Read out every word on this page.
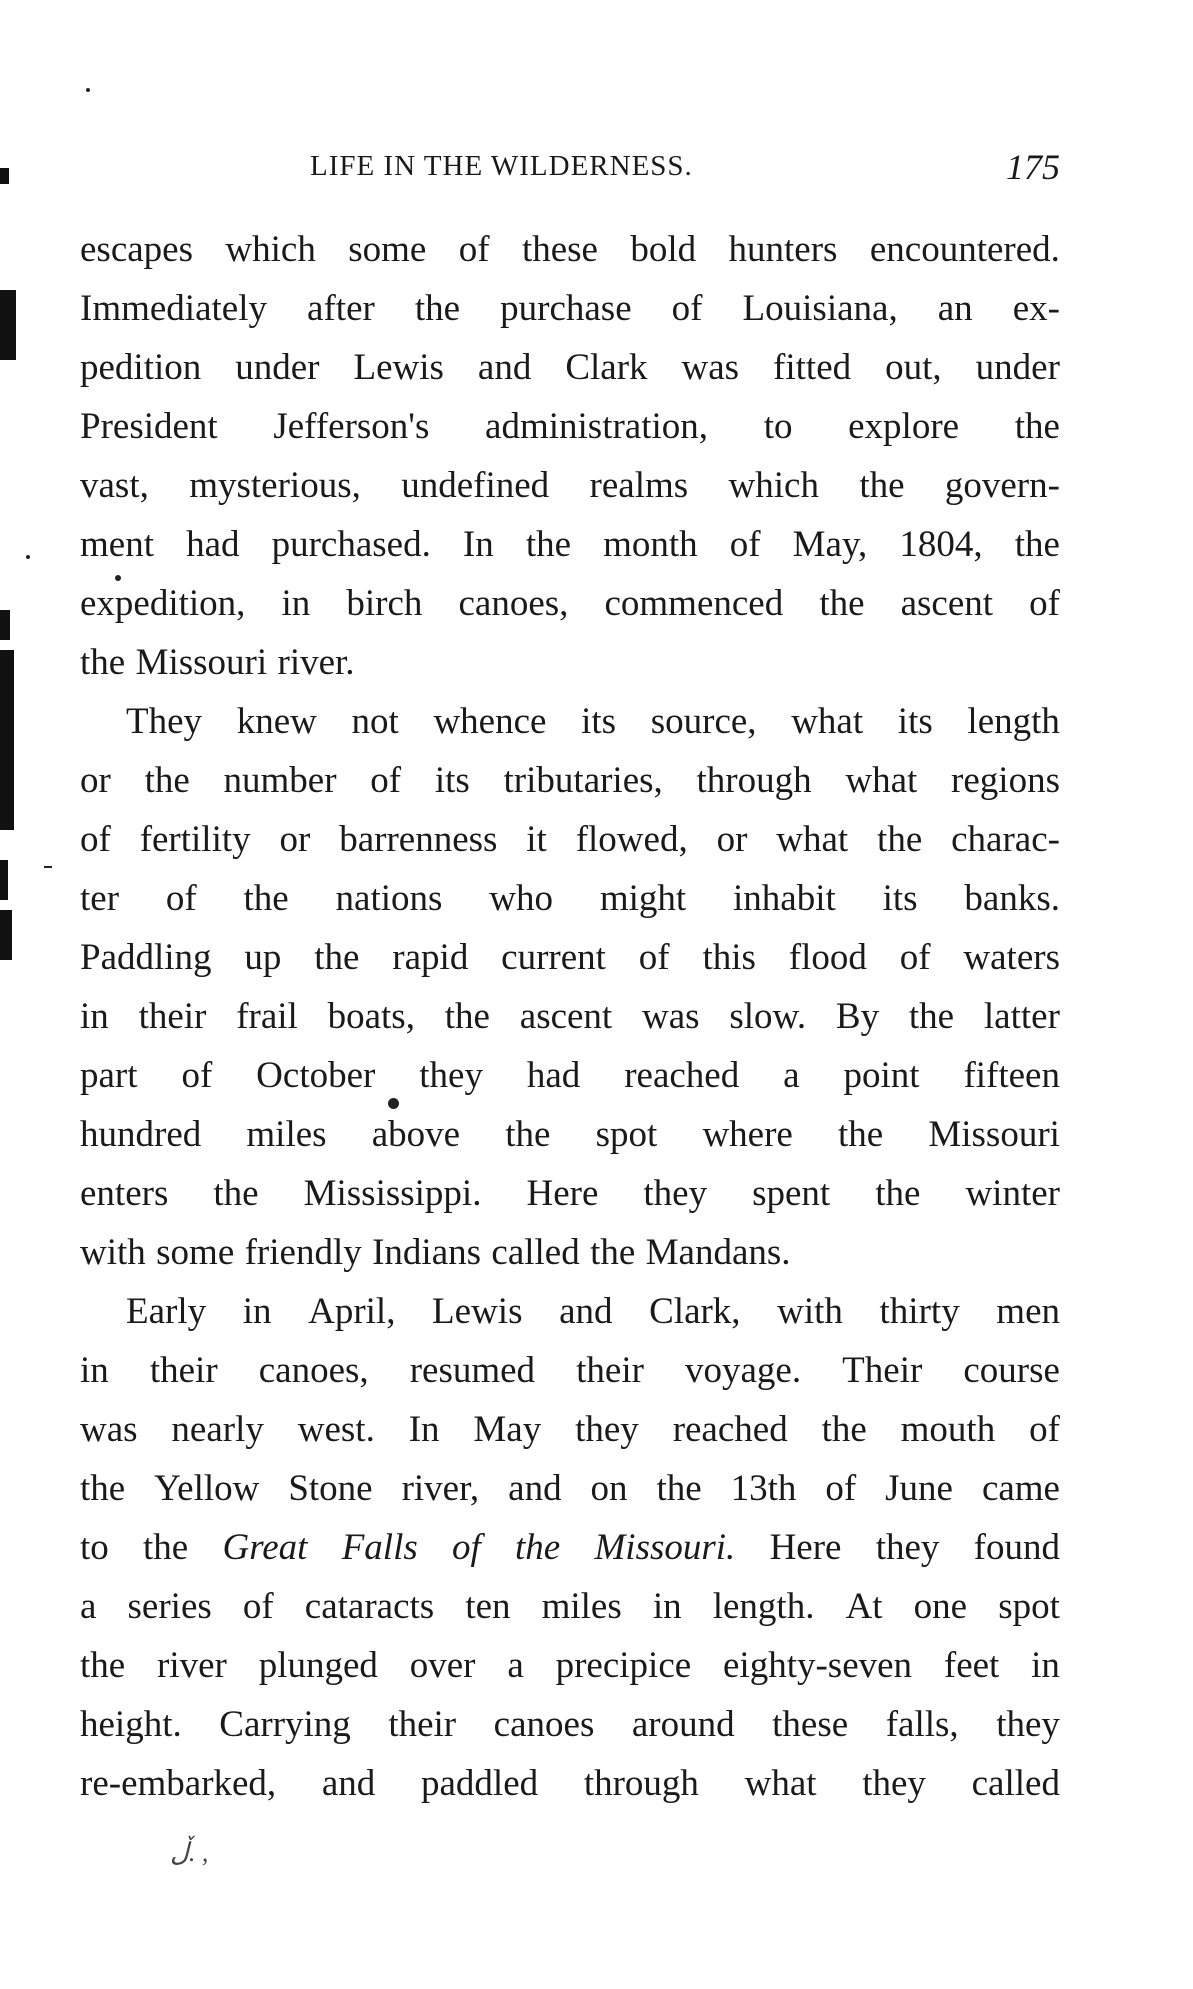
LIFE IN THE WILDERNESS.	175
escapes which some of these bold hunters encountered.
Immediately after the purchase of Louisiana, an ex-
pedition under Lewis and Clark was fitted out, under
President Jefferson's administration, to explore the
vast, mysterious, undefined realms which the govern-
ment had purchased. In the month of May, 1804, the
expedition, in birch canoes, commenced the ascent of
the Missouri river.
They knew not whence its source, what its length
or the number of its tributaries, through what regions
of fertility or barrenness it flowed, or what the charac-
ter of the nations who might inhabit its banks.
Paddling up the rapid current of this flood of waters
in their frail boats, the ascent was slow. By the latter
part of October they had reached a point fifteen
hundred miles above the spot where the Missouri
enters the Mississippi. Here they spent the winter
with some friendly Indians called the Mandans.
Early in April, Lewis and Clark, with thirty men
in their canoes, resumed their voyage. Their course
was nearly west. In May they reached the mouth of
the Yellow Stone river, and on the 13th of June came
to the Great Falls of the Missouri. Here they found
a series of cataracts ten miles in length. At one spot
the river plunged over a precipice eighty-seven feet in
height. Carrying their canoes around these falls, they
re-embarked, and paddled through what they called
ڵ. ,
